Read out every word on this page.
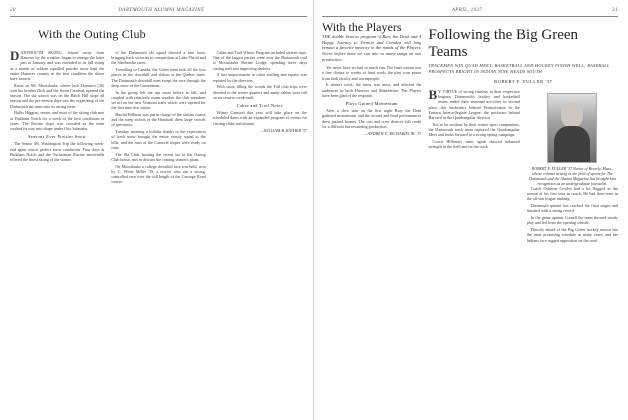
20	DARTMOUTH ALUMNI MAGAZINE
With the Outing Club

D ARTMOUTH SKIING, fenced away from Hanover by the weather, began to emerge the latter part of January, and was extended to its full swing as a month of seldom equalled powder snow kept the entire Hanover country in the best condition the skiers have known.

Races on Mt. Moosilauke, where Jack Durrance (36) won his brother Dick and the Swan Carnival, opened the season. The ski school was on the Balch Hill slope all season and the pre-season days saw the organizing of the Dartmouth ski team into its racing form.

Hollis Higgins, senior, and most of the skiing club met at Pinkham Notch for a week of the best conditions in years. The Ravine slope was crowded as the team worked its way into shape under Otto Schniebs.

Seasons Ever Prettier Snow

The Senior Mt. Washington Trip the following week-end again struck perfect snow conditions. Four days at Pinkham Notch and the Tuckerman Ravine snowfields offered the finest skiing of the winter.

of the Dartmouth ski squad showed a fine form, bringing back victories in competition at Lake Placid and the Sherbrooke races.

Travelling to Canada, the Green team took all the first places in the downhill and slalom at the Quebec meet. The Dartmouth downhill men swept the race through the deep snow of the Laurentians.

In the group left the trip more before to fall, and coupled with relatively warm weather the club members set off on the new Vermont trails which were opened for the first time this winter.

Harold Hillman was put in charge of the slalom course and the steep stretch of the Headwall drew large crowds of spectators.

Tuesday morning a holiday thanks to the expectation of fresh snow brought the entire varsity squad to the hills, and the runs of the Carnival slopes were ready on time.

The Ski Club, hosting the recent tea in the Outing Club house, met to discuss the coming season's plans.

On Moosilauke a college downhill race was held, won by C. White Miller '39, a novice who ran a strong, controlled race over the full length of the Carriage Road course.

Cabin and Trail Winter Program included sixteen trips. One of the largest parties went over the Dartmouth trail to Moosilauke Ravine Lodge, spending three days cutting trail and improving shelters.

A fast improvement in cabin staffing and repairs was reported by the directors.

With snow filling the woods the Fall club trips were diverted to the winter quarters and many cabins were full on successive week-ends.

Cabin and Trail Notes

Winter Carnival this year will take place on the scheduled dates with an expanded program of events for visiting clubs and alumni.

—WILLIAM B. RATHER '37
APRIL, 1937	21
With the Players
THE double Seniors program of Bury the Dead and A Happy Journey to Trenton and Camden will long remain a favorite memory in the minds of the Players. Never before have we run into so many snags on one production.

Yet never have we had so much fun. The final curtain was a fine climax to weeks of hard work; the play won praise from both faculty and townspeople.

It doesn't work, the show was most, and affected the audiences in both Hanover and Manchester. The Players have been glad of the response.

Plays Gained Momentum

After a slow start on the first night Bury the Dead gathered momentum, and the second and third performances drew packed houses. The cast and crew deserve full credit for a difficult but rewarding production.

—ANDREW E. RICHARDS JR. '37
Following the Big Green Teams
TRACKMEN WIN QUAD MEET; BASKETBALL AND HOCKEY FINISH WELL; BASEBALL PROSPECTS BRIGHT IN INDIAN NINE HEADS SOUTH
ROBERT F. FULLER '37

B Y VIRTUE of strong finishes in their respective leagues, Dartmouth's hockey and basketball teams ended their seasonal activities in second place—the basketeers behind Pennsylvania in the Eastern Intercollegiate League, the pucksters behind Harvard in the Quadrangular division.

Not to be outdone by their winter sport companions, the Dartmouth track team captured the Quadrangular Meet and looks forward to a strong spring campaign.

Coach Hillman's team again showed balanced strength in the field and on the track.

ROBERT F. FULLER '37 Native of Beverly, Mass., whose column writing in the field of sports for The Dartmouth and the Alumni Magazine has brought him recognition as an undergraduate journalist.

Coach Osborne Cowles had a hit flagged as the season of his first year in coach. He had three men in the all-star league ranking.

Dartmouth quintet has reached the final stages and finished with a strong record.

In the game against Cornell the team showed steady play and led from the opening whistle.

Directly ahead of the Big Green hockey season lies the most promising schedule in many years, and the Indians face rugged opposition on the road.
